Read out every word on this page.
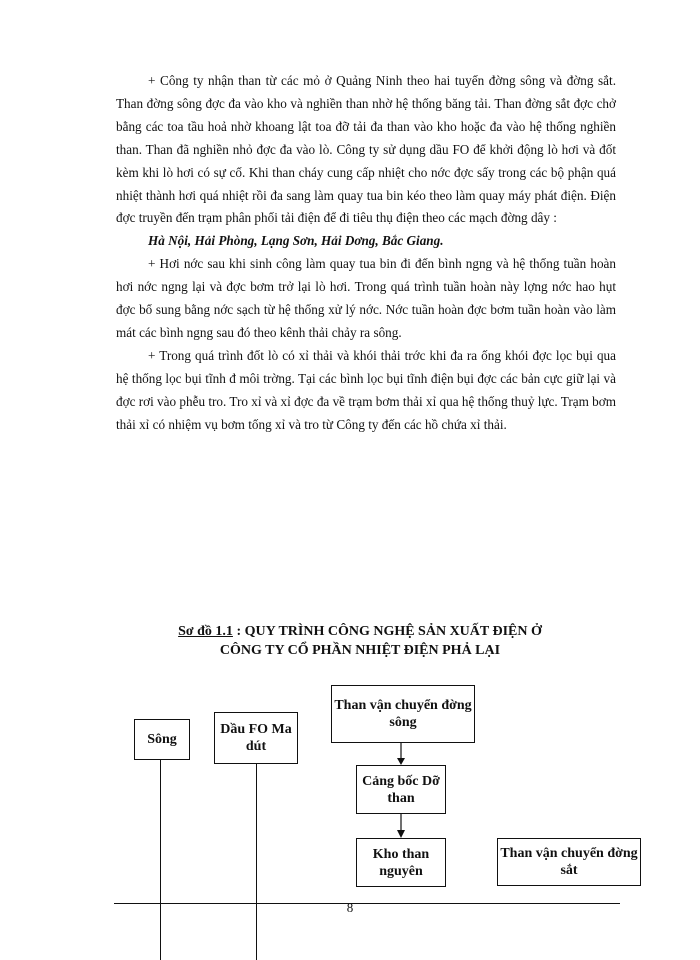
+ Công ty nhận than từ các mỏ ở Quảng Ninh theo hai tuyến đờng sông và đờng sắt. Than đờng sông đợc đa vào kho và nghiền than nhờ hệ thống băng tải. Than đờng sắt đợc chở bằng các toa tầu hoả nhờ khoang lật toa đỡ tải đa than vào kho hoặc đa vào hệ thống nghiền than. Than đã nghiền nhỏ đợc đa vào lò. Công ty sử dụng dầu FO để khởi động lò hơi và đốt kèm khi lò hơi có sự cố. Khi than cháy cung cấp nhiệt cho nớc đợc sấy trong các bộ phận quá nhiệt thành hơi quá nhiệt rồi đa sang làm quay tua bin kéo theo làm quay máy phát điện. Điện đợc truyền đến trạm phân phối tải điện để đi tiêu thụ điện theo các mạch đờng dây :

Hà Nội, Hải Phòng, Lạng Sơn, Hải Dơng, Bắc Giang.

+ Hơi nớc sau khi sinh công làm quay tua bin đi đến bình ngng và hệ thống tuần hoàn hơi nớc ngng lại và đợc bơm trở lại lò hơi. Trong quá trình tuần hoàn này lợng nớc hao hụt đợc bổ sung bằng nớc sạch từ hệ thống xử lý nớc. Nớc tuần hoàn đợc bơm tuần hoàn vào làm mát các bình ngng sau đó theo kênh thải chảy ra sông.

+ Trong quá trình đốt lò có xỉ thải và khói thải trớc khi đa ra ống khói đợc lọc bụi qua hệ thống lọc bụi tĩnh đ môi trờng. Tại các bình lọc bụi tĩnh điện bụi đợc các bản cực giữ lại và đợc rơi vào phễu tro. Tro xỉ và xỉ đợc đa về trạm bơm thải xỉ qua hệ thống thuỷ lực. Trạm bơm thải xỉ có nhiệm vụ bơm tống xỉ và tro từ Công ty đến các hồ chứa xỉ thải.

Sơ đồ 1.1 : QUY TRÌNH CÔNG NGHỆ SẢN XUẤT ĐIỆN Ở
CÔNG TY CỔ PHẦN NHIỆT ĐIỆN PHẢ LẠI
Sông
Dầu FO Ma dút
Than vận chuyển đờng sông
Cảng bốc Dỡ than
Kho than nguyên
Than vận chuyển đờng sắt
8
